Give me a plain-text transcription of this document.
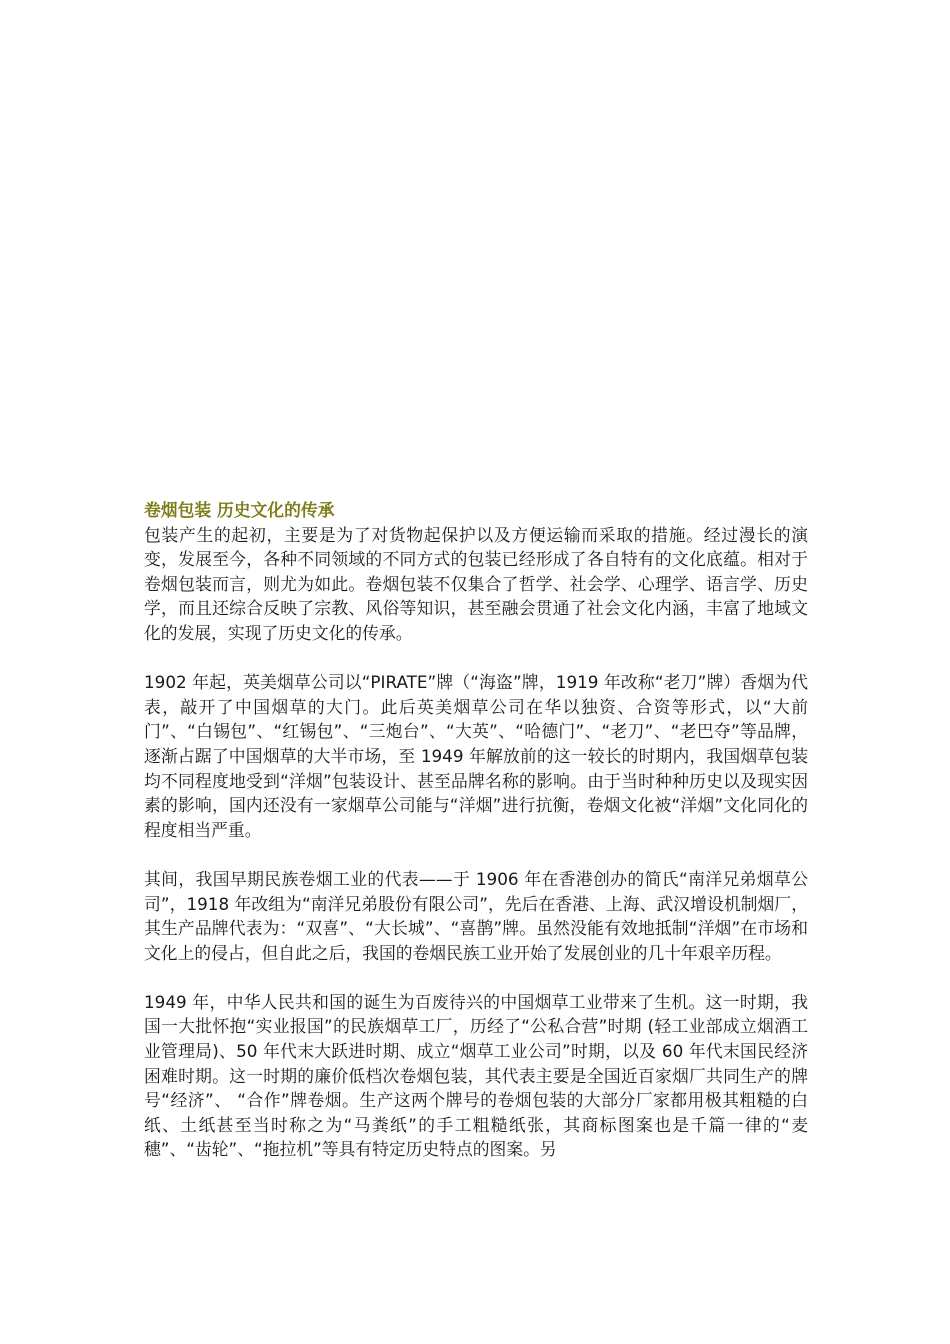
卷烟包装 历史文化的传承

包装产生的起初，主要是为了对货物起保护以及方便运输而采取的措施。经过漫长的演变，发展至今，各种不同领域的不同方式的包装已经形成了各自特有的文化底蕴。相对于卷烟包装而言，则尤为如此。卷烟包装不仅集合了哲学、社会学、心理学、语言学、历史学，而且还综合反映了宗教、风俗等知识，甚至融会贯通了社会文化内涵，丰富了地域文化的发展，实现了历史文化的传承。

1902 年起，英美烟草公司以“PIRATE”牌（“海盗”牌，1919 年改称“老刀”牌）香烟为代表，敲开了中国烟草的大门。此后英美烟草公司在华以独资、合资等形式，以“大前门”、“白锡包”、“红锡包”、“三炮台”、“大英”、“哈德门”、“老刀”、“老巴夺”等品牌，逐渐占踞了中国烟草的大半市场，至 1949 年解放前的这一较长的时期内，我国烟草包装均不同程度地受到“洋烟”包装设计、甚至品牌名称的影响。由于当时种种历史以及现实因素的影响，国内还没有一家烟草公司能与“洋烟”进行抗衡，卷烟文化被“洋烟”文化同化的程度相当严重。

其间，我国早期民族卷烟工业的代表——于 1906 年在香港创办的简氏“南洋兄弟烟草公司”，1918 年改组为“南洋兄弟股份有限公司”，先后在香港、上海、武汉增设机制烟厂，其生产品牌代表为：“双喜”、“大长城”、“喜鹊”牌。虽然没能有效地抵制“洋烟”在市场和文化上的侵占，但自此之后，我国的卷烟民族工业开始了发展创业的几十年艰辛历程。

1949 年，中华人民共和国的诞生为百废待兴的中国烟草工业带来了生机。这一时期，我国一大批怀抱“实业报国”的民族烟草工厂，历经了“公私合营”时期 (轻工业部成立烟酒工业管理局)、50 年代末大跃进时期、成立“烟草工业公司”时期，以及 60 年代末国民经济困难时期。这一时期的廉价低档次卷烟包装，其代表主要是全国近百家烟厂共同生产的牌号“经济”、 “合作”牌卷烟。生产这两个牌号的卷烟包装的大部分厂家都用极其粗糙的白纸、土纸甚至当时称之为“马粪纸”的手工粗糙纸张，其商标图案也是千篇一律的“麦穗”、“齿轮”、“拖拉机”等具有特定历史特点的图案。另
